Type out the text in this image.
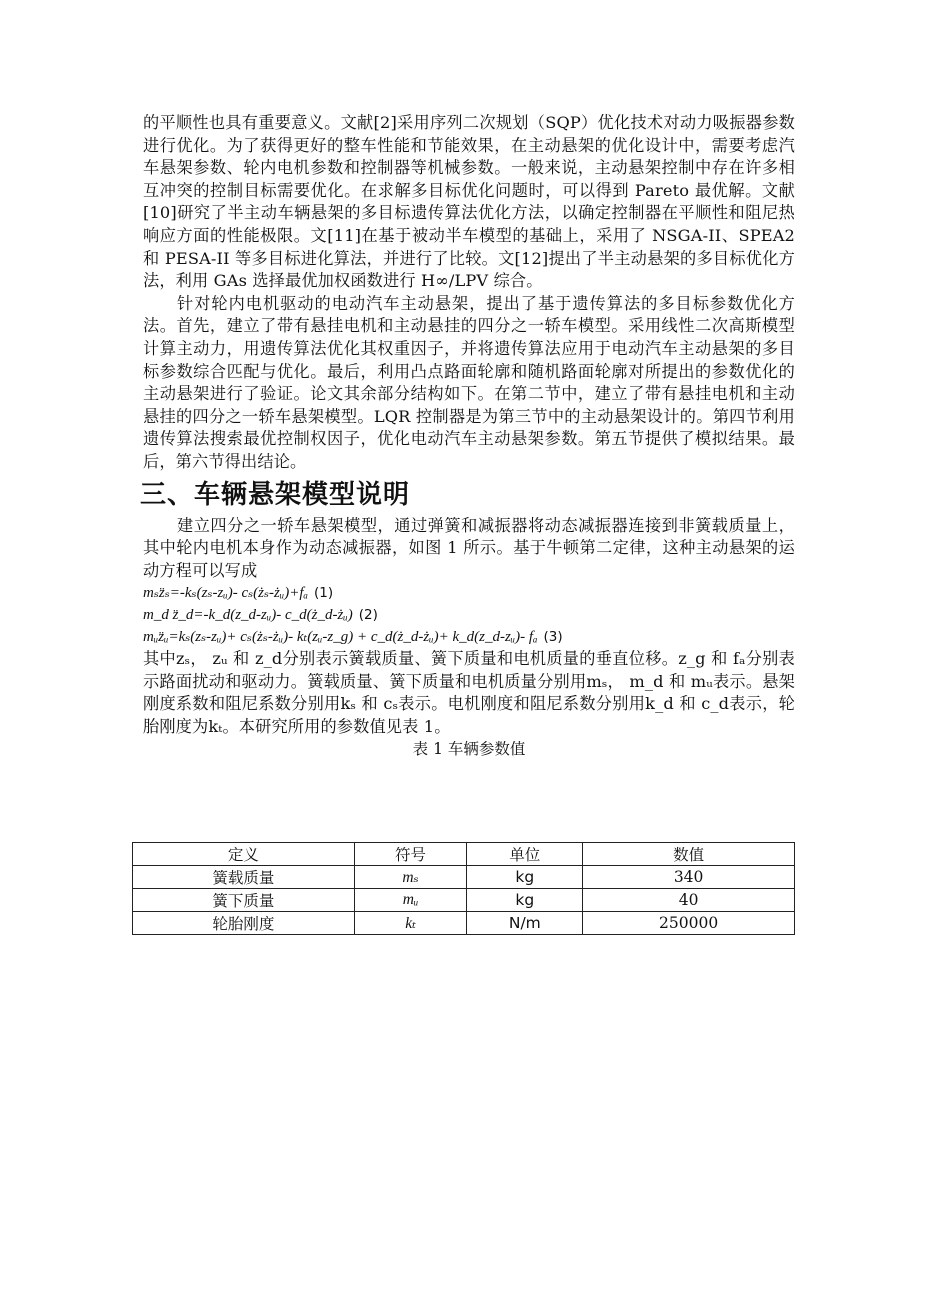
的平顺性也具有重要意义。文献[2]采用序列二次规划（SQP）优化技术对动力吸振器参数进行优化。为了获得更好的整车性能和节能效果，在主动悬架的优化设计中，需要考虑汽车悬架参数、轮内电机参数和控制器等机械参数。一般来说，主动悬架控制中存在许多相互冲突的控制目标需要优化。在求解多目标优化问题时，可以得到 Pareto 最优解。文献[10]研究了半主动车辆悬架的多目标遗传算法优化方法，以确定控制器在平顺性和阻尼热响应方面的性能极限。文[11]在基于被动半车模型的基础上，采用了 NSGA-II、SPEA2 和 PESA-II 等多目标进化算法，并进行了比较。文[12]提出了半主动悬架的多目标优化方法，利用 GAs 选择最优加权函数进行 H∞/LPV 综合。

针对轮内电机驱动的电动汽车主动悬架，提出了基于遗传算法的多目标参数优化方法。首先，建立了带有悬挂电机和主动悬挂的四分之一轿车模型。采用线性二次高斯模型计算主动力，用遗传算法优化其权重因子，并将遗传算法应用于电动汽车主动悬架的多目标参数综合匹配与优化。最后，利用凸点路面轮廓和随机路面轮廓对所提出的参数优化的主动悬架进行了验证。论文其余部分结构如下。在第二节中，建立了带有悬挂电机和主动悬挂的四分之一轿车悬架模型。LQR 控制器是为第三节中的主动悬架设计的。第四节利用遗传算法搜索最优控制权因子，优化电动汽车主动悬架参数。第五节提供了模拟结果。最后，第六节得出结论。

三、车辆悬架模型说明

建立四分之一轿车悬架模型，通过弹簧和减振器将动态减振器连接到非簧载质量上，其中轮内电机本身作为动态减振器，如图 1 所示。基于牛顿第二定律，这种主动悬架的运动方程可以写成

mₛz̈ₛ=-kₛ(zₛ-zᵤ)- cₛ(żₛ-żᵤ)+fₐ (1)
m_d z̈_d=-k_d(z_d-zᵤ)- c_d(ż_d-żᵤ) (2)
mᵤz̈ᵤ=kₛ(zₛ-zᵤ)+ cₛ(żₛ-żᵤ)- kₜ(zᵤ-z_g) + c_d(ż_d-żᵤ)+ k_d(z_d-zᵤ)- fₐ (3)

其中zₛ， zᵤ 和 z_d分别表示簧载质量、簧下质量和电机质量的垂直位移。z_g 和 fₐ分别表示路面扰动和驱动力。簧载质量、簧下质量和电机质量分别用mₛ， m_d 和 mᵤ表示。悬架刚度系数和阻尼系数分别用kₛ 和 cₛ表示。电机刚度和阻尼系数分别用k_d 和 c_d表示，轮胎刚度为kₜ。本研究所用的参数值见表 1。

表 1 车辆参数值

定义	符号	单位	数值
簧载质量	mₛ	kg	340
簧下质量	mᵤ	kg	40
轮胎刚度	kₜ	N/m	250000
